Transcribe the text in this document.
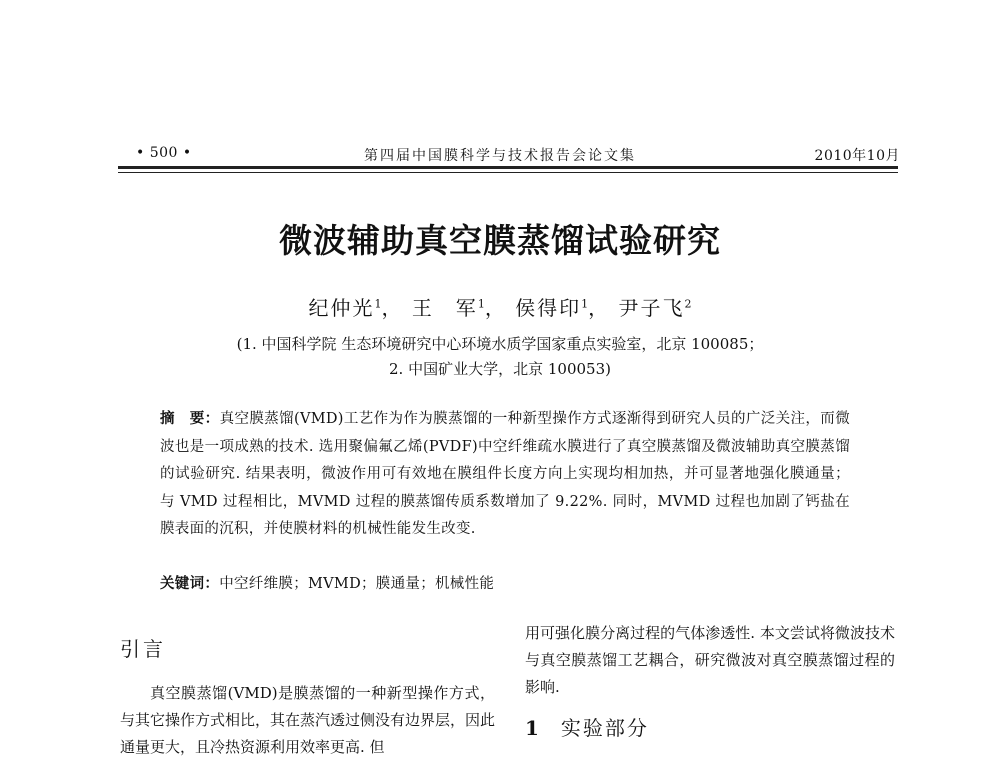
• 500 •	第四届中国膜科学与技术报告会论文集	2010年10月
微波辅助真空膜蒸馏试验研究
纪仲光$^1$， 王　军$^1$， 侯得印$^1$， 尹子飞$^2$
(1. 中国科学院 生态环境研究中心环境水质学国家重点实验室，北京 100085；
2. 中国矿业大学，北京 100053)
摘　要：真空膜蒸馏(VMD)工艺作为作为膜蒸馏的一种新型操作方式逐渐得到研究人员的广泛关注，而微波也是一项成熟的技术. 选用聚偏氟乙烯(PVDF)中空纤维疏水膜进行了真空膜蒸馏及微波辅助真空膜蒸馏的试验研究. 结果表明，微波作用可有效地在膜组件长度方向上实现均相加热，并可显著地强化膜通量；与 VMD 过程相比，MVMD 过程的膜蒸馏传质系数增加了 9.22%. 同时，MVMD 过程也加剧了钙盐在膜表面的沉积，并使膜材料的机械性能发生改变.
关键词：中空纤维膜；MVMD；膜通量；机械性能
引言

真空膜蒸馏(VMD)是膜蒸馏的一种新型操作方式，与其它操作方式相比，其在蒸汽透过侧没有边界层，因此通量更大，且冷热资源利用效率更高. 但

用可强化膜分离过程的气体渗透性. 本文尝试将微波技术与真空膜蒸馏工艺耦合，研究微波对真空膜蒸馏过程的影响.

1 实验部分
